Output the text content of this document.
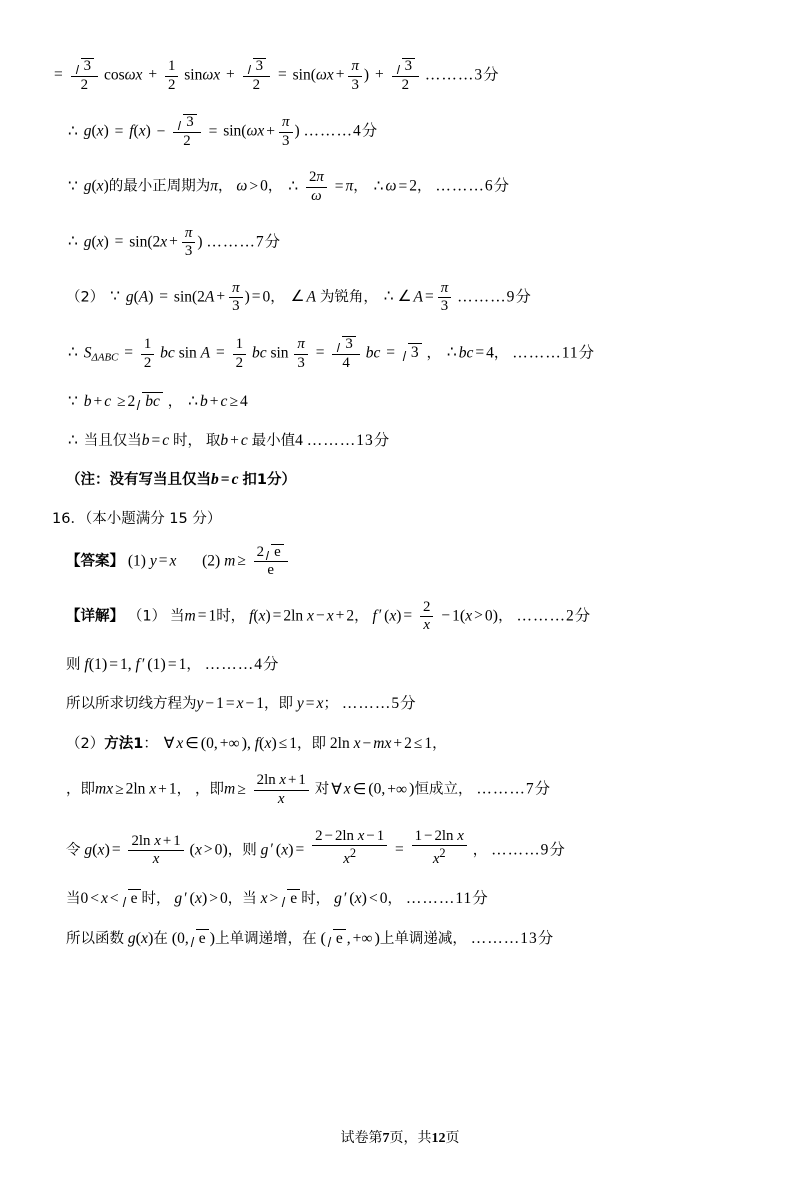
= $\frac{3}{2}$ $\cos\omega x + \frac{1}{2}$ $\sin\omega x + \frac{3}{2} = \sin(\omega x + \frac{\pi}{3}$ ) + $\frac{3}{2}$ ………3分
∴ $g(x) = f(x) - \frac{3}{2} = \sin(\omega x + \frac{\pi}{3}$ ) ………4分
∵ g(x)的最小正周期为π， ω > 0， ∴ $\frac{2\pi}{\omega} = \pi$， ∴ ω = 2， ………6分
∴ $g(x) = \sin(2x + \frac{\pi}{3}$ ) ………7分
（2） ∵ $g(A) = \sin(2A + \frac{\pi}{3}$ ) = 0， ∠ A 为锐角， ∴ ∠ $A = \frac{\pi}{3}$ ………9分
∴ $S_{\Delta ABC} = \frac{1}{2}$ bc $\sin A = \frac{1}{2}$ bc $\sin \frac{\pi}{3} = \frac{3}{4}$ bc = 3 ， ∴ bc = 4， ………11分
∵ b + c ≥ 2 bc ， ∴ b + c ≥ 4
∴ 当且仅当b = c 时， 取b + c 最小值4 ………13分
（注：没有写当且仅当b = c 扣1分）
16．（本小题满分 15 分）
【答案】 (1) y = x (2) $m \ge \frac{2 e}{e}$
【详解】 （1） 当m = 1时， f(x) = 2ln x − x + 2， f ′ $(x) = \frac{2}{x} - 1(x > 0)$， ………2分
则 f(1) = 1, f ′ (1) = 1， ………4分
所以所求切线方程为y − 1 = x − 1，即 y = x； ………5分
（2）方法1： ∀ x ∈ (0, +∞ ), f(x) ≤ 1，即 2ln x − mx + 2 ≤ 1，
，即mx ≥ 2ln x + 1， ，即$m \ge \frac{\text{2ln x + 1}}{x}$ 对 ∀ x ∈ (0, +∞ )恒成立， ………7分
令 $g(x) = \frac{\text{2ln x + 1}}{x} (x > 0)$，则 g ′ $(x) = \frac{\text{2 − 2ln x − 1}}{x^2} = \frac{\text{1 − 2ln x}}{x^2}$ ， ………9分
当0 < x < e 时， g ′ (x) > 0，当 x > e 时， g ′ (x) < 0， ………11分
所以函数 g(x)在 (0, e )上单调递增，在 ( e , +∞ )上单调递减， ………13分
试卷第7页，共12页
